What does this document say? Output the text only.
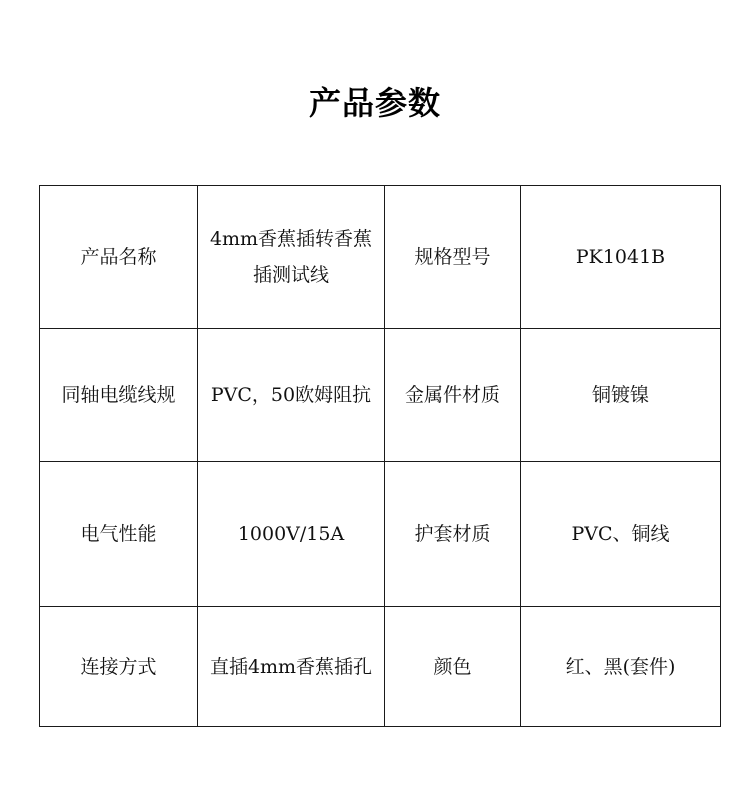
产品参数
产品名称	4mm香蕉插转香蕉插测试线	规格型号	PK1041B
同轴电缆线规	PVC，50欧姆阻抗	金属件材质	铜镀镍
电气性能	1000V/15A	护套材质	PVC、铜线
连接方式	直插4mm香蕉插孔	颜色	红、黑(套件)
